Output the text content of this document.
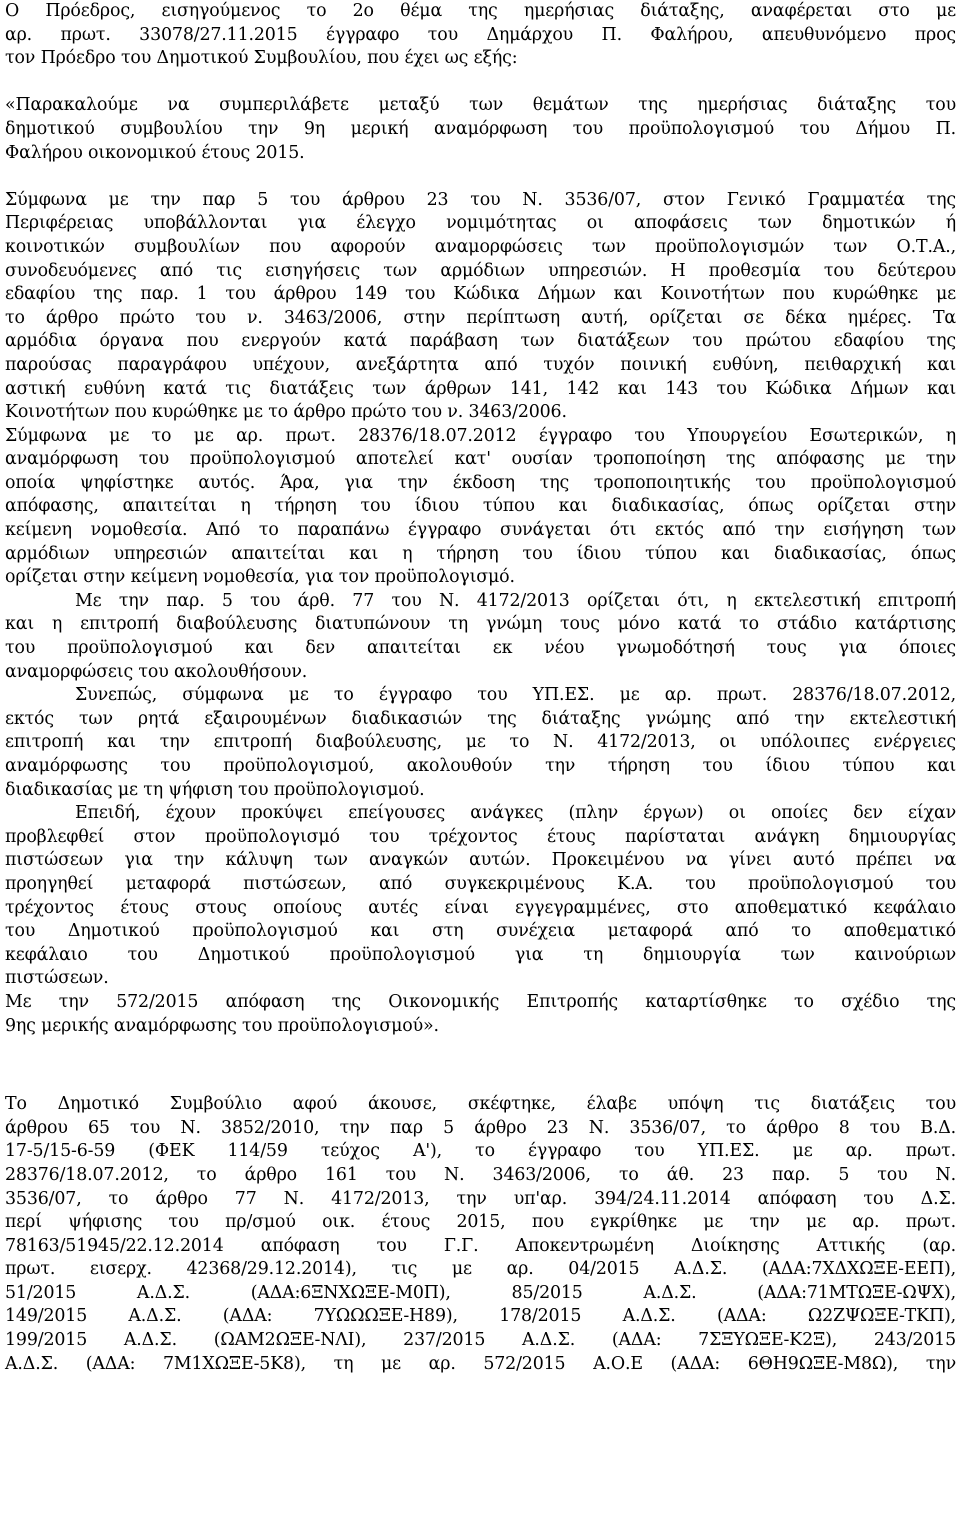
Ο Πρόεδρος, εισηγούμενος το 2ο θέμα της ημερήσιας διάταξης, αναφέρεται στο με
αρ. πρωτ. 33078/27.11.2015 έγγραφο του Δημάρχου Π. Φαλήρου, απευθυνόμενο προς
τον Πρόεδρο του Δημοτικού Συμβουλίου, που έχει ως εξής:

«Παρακαλούμε να συμπεριλάβετε μεταξύ των θεμάτων της ημερήσιας διάταξης του
δημοτικού συμβουλίου την 9η μερική αναμόρφωση του προϋπολογισμού του Δήμου Π.
Φαλήρου οικονομικού έτους 2015.

Σύμφωνα με την παρ 5 του άρθρου 23 του Ν. 3536/07, στον Γενικό Γραμματέα της
Περιφέρειας υποβάλλονται για έλεγχο νομιμότητας οι αποφάσεις των δημοτικών ή
κοινοτικών συμβουλίων που αφορούν αναμορφώσεις των προϋπολογισμών των Ο.Τ.Α.,
συνοδευόμενες από τις εισηγήσεις των αρμόδιων υπηρεσιών. Η προθεσμία του δεύτερου
εδαφίου της παρ. 1 του άρθρου 149 του Κώδικα Δήμων και Κοινοτήτων που κυρώθηκε με
το άρθρο πρώτο του ν. 3463/2006, στην περίπτωση αυτή, ορίζεται σε δέκα ημέρες. Τα
αρμόδια όργανα που ενεργούν κατά παράβαση των διατάξεων του πρώτου εδαφίου της
παρούσας παραγράφου υπέχουν, ανεξάρτητα από τυχόν ποινική ευθύνη, πειθαρχική και
αστική ευθύνη κατά τις διατάξεις των άρθρων 141, 142 και 143 του Κώδικα Δήμων και
Κοινοτήτων που κυρώθηκε με το άρθρο πρώτο του ν. 3463/2006.
Σύμφωνα με το με αρ. πρωτ. 28376/18.07.2012 έγγραφο του Υπουργείου Εσωτερικών, η
αναμόρφωση του προϋπολογισμού αποτελεί κατ' ουσίαν τροποποίηση της απόφασης με την
οποία ψηφίστηκε αυτός. Άρα, για την έκδοση της τροποποιητικής του προϋπολογισμού
απόφασης, απαιτείται η τήρηση του ίδιου τύπου και διαδικασίας, όπως ορίζεται στην
κείμενη νομοθεσία. Από το παραπάνω έγγραφο συνάγεται ότι εκτός από την εισήγηση των
αρμόδιων υπηρεσιών απαιτείται και η τήρηση του ίδιου τύπου και διαδικασίας, όπως
ορίζεται στην κείμενη νομοθεσία, για τον προϋπολογισμό.

Με την παρ. 5 του άρθ. 77 του Ν. 4172/2013 ορίζεται ότι, η εκτελεστική επιτροπή
και η επιτροπή διαβούλευσης διατυπώνουν τη γνώμη τους μόνο κατά το στάδιο κατάρτισης
του προϋπολογισμού και δεν απαιτείται εκ νέου γνωμοδότησή τους για όποιες
αναμορφώσεις του ακολουθήσουν.

Συνεπώς, σύμφωνα με το έγγραφο του ΥΠ.ΕΣ. με αρ. πρωτ. 28376/18.07.2012,
εκτός των ρητά εξαιρουμένων διαδικασιών της διάταξης γνώμης από την εκτελεστική
επιτροπή και την επιτροπή διαβούλευσης, με το Ν. 4172/2013, οι υπόλοιπες ενέργειες
αναμόρφωσης του προϋπολογισμού, ακολουθούν την τήρηση του ίδιου τύπου και
διαδικασίας με τη ψήφιση του προϋπολογισμού.

Επειδή, έχουν προκύψει επείγουσες ανάγκες (πλην έργων) οι οποίες δεν είχαν
προβλεφθεί στον προϋπολογισμό του τρέχοντος έτους παρίσταται ανάγκη δημιουργίας
πιστώσεων για την κάλυψη των αναγκών αυτών. Προκειμένου να γίνει αυτό πρέπει να
προηγηθεί μεταφορά πιστώσεων, από συγκεκριμένους Κ.Α. του προϋπολογισμού του
τρέχοντος έτους στους οποίους αυτές είναι εγγεγραμμένες, στο αποθεματικό κεφάλαιο
του Δημοτικού προϋπολογισμού και στη συνέχεια μεταφορά από το αποθεματικό
κεφάλαιο του Δημοτικού προϋπολογισμού για τη δημιουργία των καινούριων
πιστώσεων.

Με την 572/2015 απόφαση της Οικονομικής Επιτροπής καταρτίσθηκε το σχέδιο της
9ης μερικής αναμόρφωσης του προϋπολογισμού».

Το Δημοτικό Συμβούλιο αφού άκουσε, σκέφτηκε, έλαβε υπόψη τις διατάξεις του
άρθρου 65 του Ν. 3852/2010, την παρ 5 άρθρο 23 Ν. 3536/07, το άρθρο 8 του Β.Δ.
17-5/15-6-59 (ΦΕΚ 114/59 τεύχος Α'), το έγγραφο του ΥΠ.ΕΣ. με αρ. πρωτ.
28376/18.07.2012, το άρθρο 161 του Ν. 3463/2006, το άθ. 23 παρ. 5 του Ν.
3536/07, το άρθρο 77 Ν. 4172/2013, την υπ'αρ. 394/24.11.2014 απόφαση του Δ.Σ.
περί ψήφισης του πρ/σμού οικ. έτους 2015, που εγκρίθηκε με την με αρ. πρωτ.
78163/51945/22.12.2014 απόφαση του Γ.Γ. Αποκεντρωμένη Διοίκησης Αττικής (αρ.
πρωτ. εισερχ. 42368/29.12.2014), τις με αρ. 04/2015 Α.Δ.Σ. (ΑΔΑ:7ΧΔΧΩΞΕ-ΕΕΠ),
51/2015 Α.Δ.Σ. (ΑΔΑ:6ΞΝΧΩΞΕ-Μ0Π), 85/2015 Α.Δ.Σ. (ΑΔΑ:71ΜΤΩΞΕ-ΩΨΧ),
149/2015 Α.Δ.Σ. (ΑΔΑ: 7ΥΩΩΩΞΕ-Η89), 178/2015 Α.Δ.Σ. (ΑΔΑ: Ω2ΖΨΩΞΕ-ΤΚΠ),
199/2015 Α.Δ.Σ. (ΩΑΜ2ΩΞΕ-ΝΛΙ), 237/2015 Α.Δ.Σ. (ΑΔΑ: 7ΣΞΥΩΞΕ-Κ2Ξ), 243/2015
Α.Δ.Σ. (ΑΔΑ: 7Μ1ΧΩΞΕ-5Κ8), τη με αρ. 572/2015 Α.Ο.Ε (ΑΔΑ: 6ΘΗ9ΩΞΕ-Μ8Ω), την
